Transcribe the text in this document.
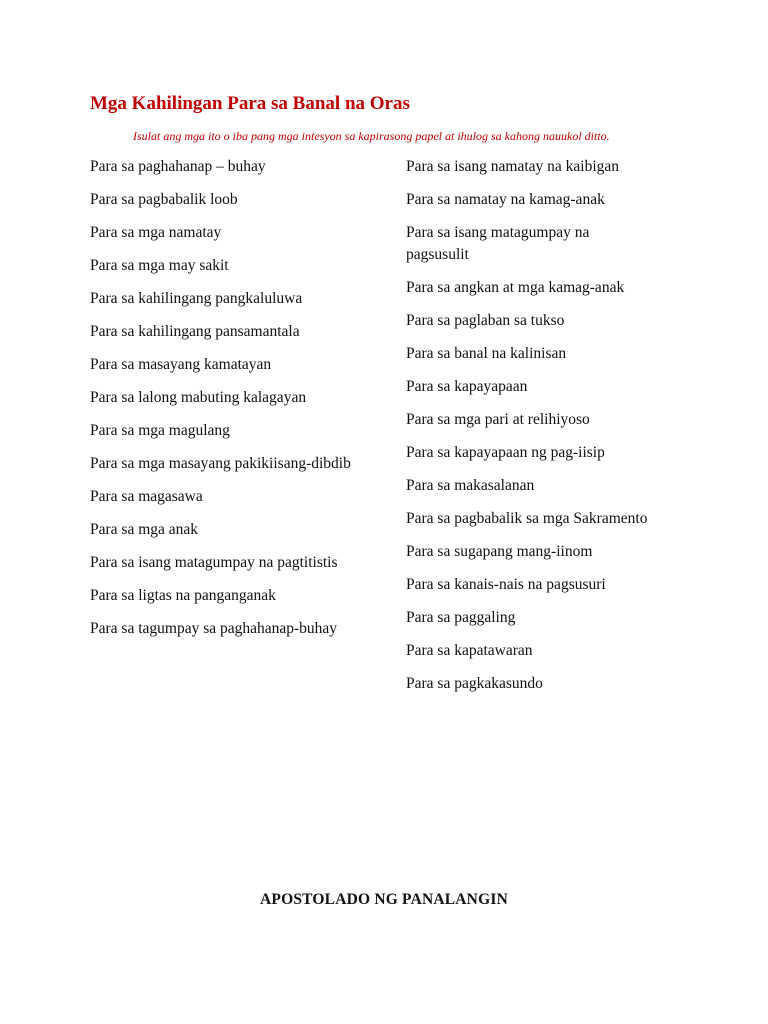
Mga Kahilingan Para sa Banal na Oras
Isulat ang mga ito o iba pang mga intesyon sa kapirasong papel at ihulog sa kahong nauukol ditto.
Para sa paghahanap – buhay
Para sa pagbabalik loob
Para sa mga namatay
Para sa mga may sakit
Para sa kahilingang pangkaluluwa
Para sa kahilingang pansamantala
Para sa masayang kamatayan
Para sa lalong mabuting kalagayan
Para sa mga magulang
Para sa mga masayang pakikiisang-dibdib
Para sa magasawa
Para sa mga anak
Para sa isang matagumpay na pagtitistis
Para sa ligtas na panganganak
Para sa tagumpay sa paghahanap-buhay
Para sa isang namatay na kaibigan
Para sa namatay na kamag-anak
Para sa isang matagumpay na pagsusulit
Para sa angkan at mga kamag-anak
Para sa paglaban sa tukso
Para sa banal na kalinisan
Para sa kapayapaan
Para sa mga pari at relihiyoso
Para sa kapayapaan ng pag-iisip
Para sa makasalanan
Para sa pagbabalik sa mga Sakramento
Para sa sugapang mang-iinom
Para sa kanais-nais na pagsusuri
Para sa paggaling
Para sa kapatawaran
Para sa pagkakasundo
APOSTOLADO NG PANALANGIN
